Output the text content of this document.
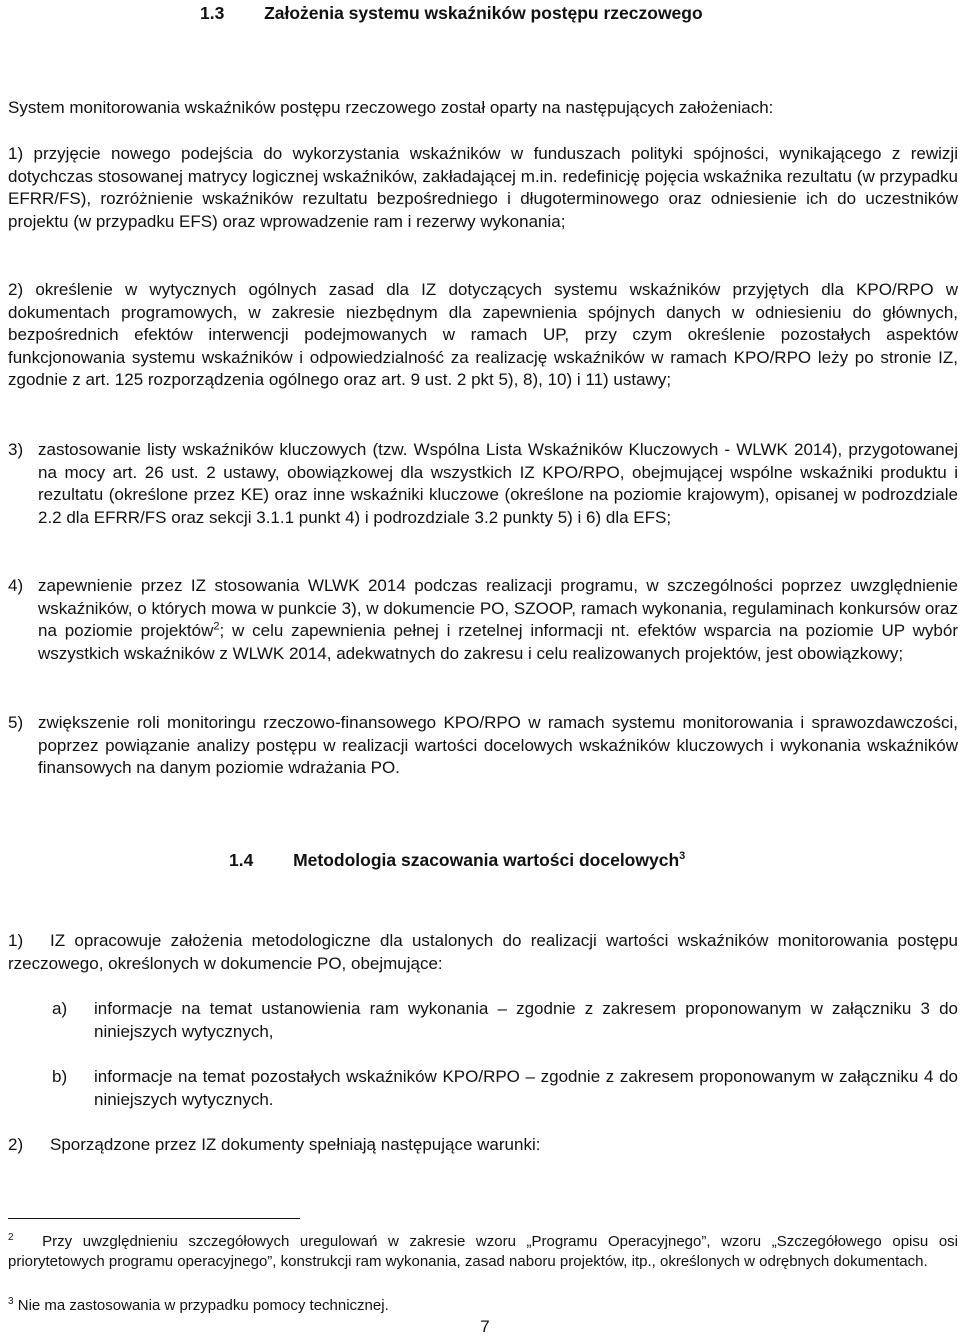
1.3 Założenia systemu wskaźników postępu rzeczowego

System monitorowania wskaźników postępu rzeczowego został oparty na następujących założeniach:

1) przyjęcie nowego podejścia do wykorzystania wskaźników w funduszach polityki spójności, wynikającego z rewizji dotychczas stosowanej matrycy logicznej wskaźników, zakładającej m.in. redefinicję pojęcia wskaźnika rezultatu (w przypadku EFRR/FS), rozróżnienie wskaźników rezultatu bezpośredniego i długoterminowego oraz odniesienie ich do uczestników projektu (w przypadku EFS) oraz wprowadzenie ram i rezerwy wykonania;

2) określenie w wytycznych ogólnych zasad dla IZ dotyczących systemu wskaźników przyjętych dla KPO/RPO w dokumentach programowych, w zakresie niezbędnym dla zapewnienia spójnych danych w odniesieniu do głównych, bezpośrednich efektów interwencji podejmowanych w ramach UP, przy czym określenie pozostałych aspektów funkcjonowania systemu wskaźników i odpowiedzialność za realizację wskaźników w ramach KPO/RPO leży po stronie IZ, zgodnie z art. 125 rozporządzenia ogólnego oraz art. 9 ust. 2 pkt 5), 8), 10) i 11) ustawy;

3) zastosowanie listy wskaźników kluczowych (tzw. Wspólna Lista Wskaźników Kluczowych - WLWK 2014), przygotowanej na mocy art. 26 ust. 2 ustawy, obowiązkowej dla wszystkich IZ KPO/RPO, obejmującej wspólne wskaźniki produktu i rezultatu (określone przez KE) oraz inne wskaźniki kluczowe (określone na poziomie krajowym), opisanej w podrozdziale 2.2 dla EFRR/FS oraz sekcji 3.1.1 punkt 4) i podrozdziale 3.2 punkty 5) i 6) dla EFS;

4) zapewnienie przez IZ stosowania WLWK 2014 podczas realizacji programu, w szczególności poprzez uwzględnienie wskaźników, o których mowa w punkcie 3), w dokumencie PO, SZOOP, ramach wykonania, regulaminach konkursów oraz na poziomie projektów$^2$; w celu zapewnienia pełnej i rzetelnej informacji nt. efektów wsparcia na poziomie UP wybór wszystkich wskaźników z WLWK 2014, adekwatnych do zakresu i celu realizowanych projektów, jest obowiązkowy;

5) zwiększenie roli monitoringu rzeczowo-finansowego KPO/RPO w ramach systemu monitorowania i sprawozdawczości, poprzez powiązanie analizy postępu w realizacji wartości docelowych wskaźników kluczowych i wykonania wskaźników finansowych na danym poziomie wdrażania PO.

1.4 Metodologia szacowania wartości docelowych$^3$
1)	IZ opracowuje założenia metodologiczne dla ustalonych do realizacji wartości wskaźników monitorowania postępu rzeczowego, określonych w dokumencie PO, obejmujące:

a) informacje na temat ustanowienia ram wykonania – zgodnie z zakresem proponowanym w załączniku 3 do niniejszych wytycznych,

b) informacje na temat pozostałych wskaźników KPO/RPO – zgodnie z zakresem proponowanym w załączniku 4 do niniejszych wytycznych.

2) Sporządzone przez IZ dokumenty spełniają następujące warunki:

$^2$ Przy uwzględnieniu szczegółowych uregulowań w zakresie wzoru „Programu Operacyjnego”, wzoru „Szczegółowego opisu osi priorytetowych programu operacyjnego”, konstrukcji ram wykonania, zasad naboru projektów, itp., określonych w odrębnych dokumentach.

$^3$ Nie ma zastosowania w przypadku pomocy technicznej.

7
